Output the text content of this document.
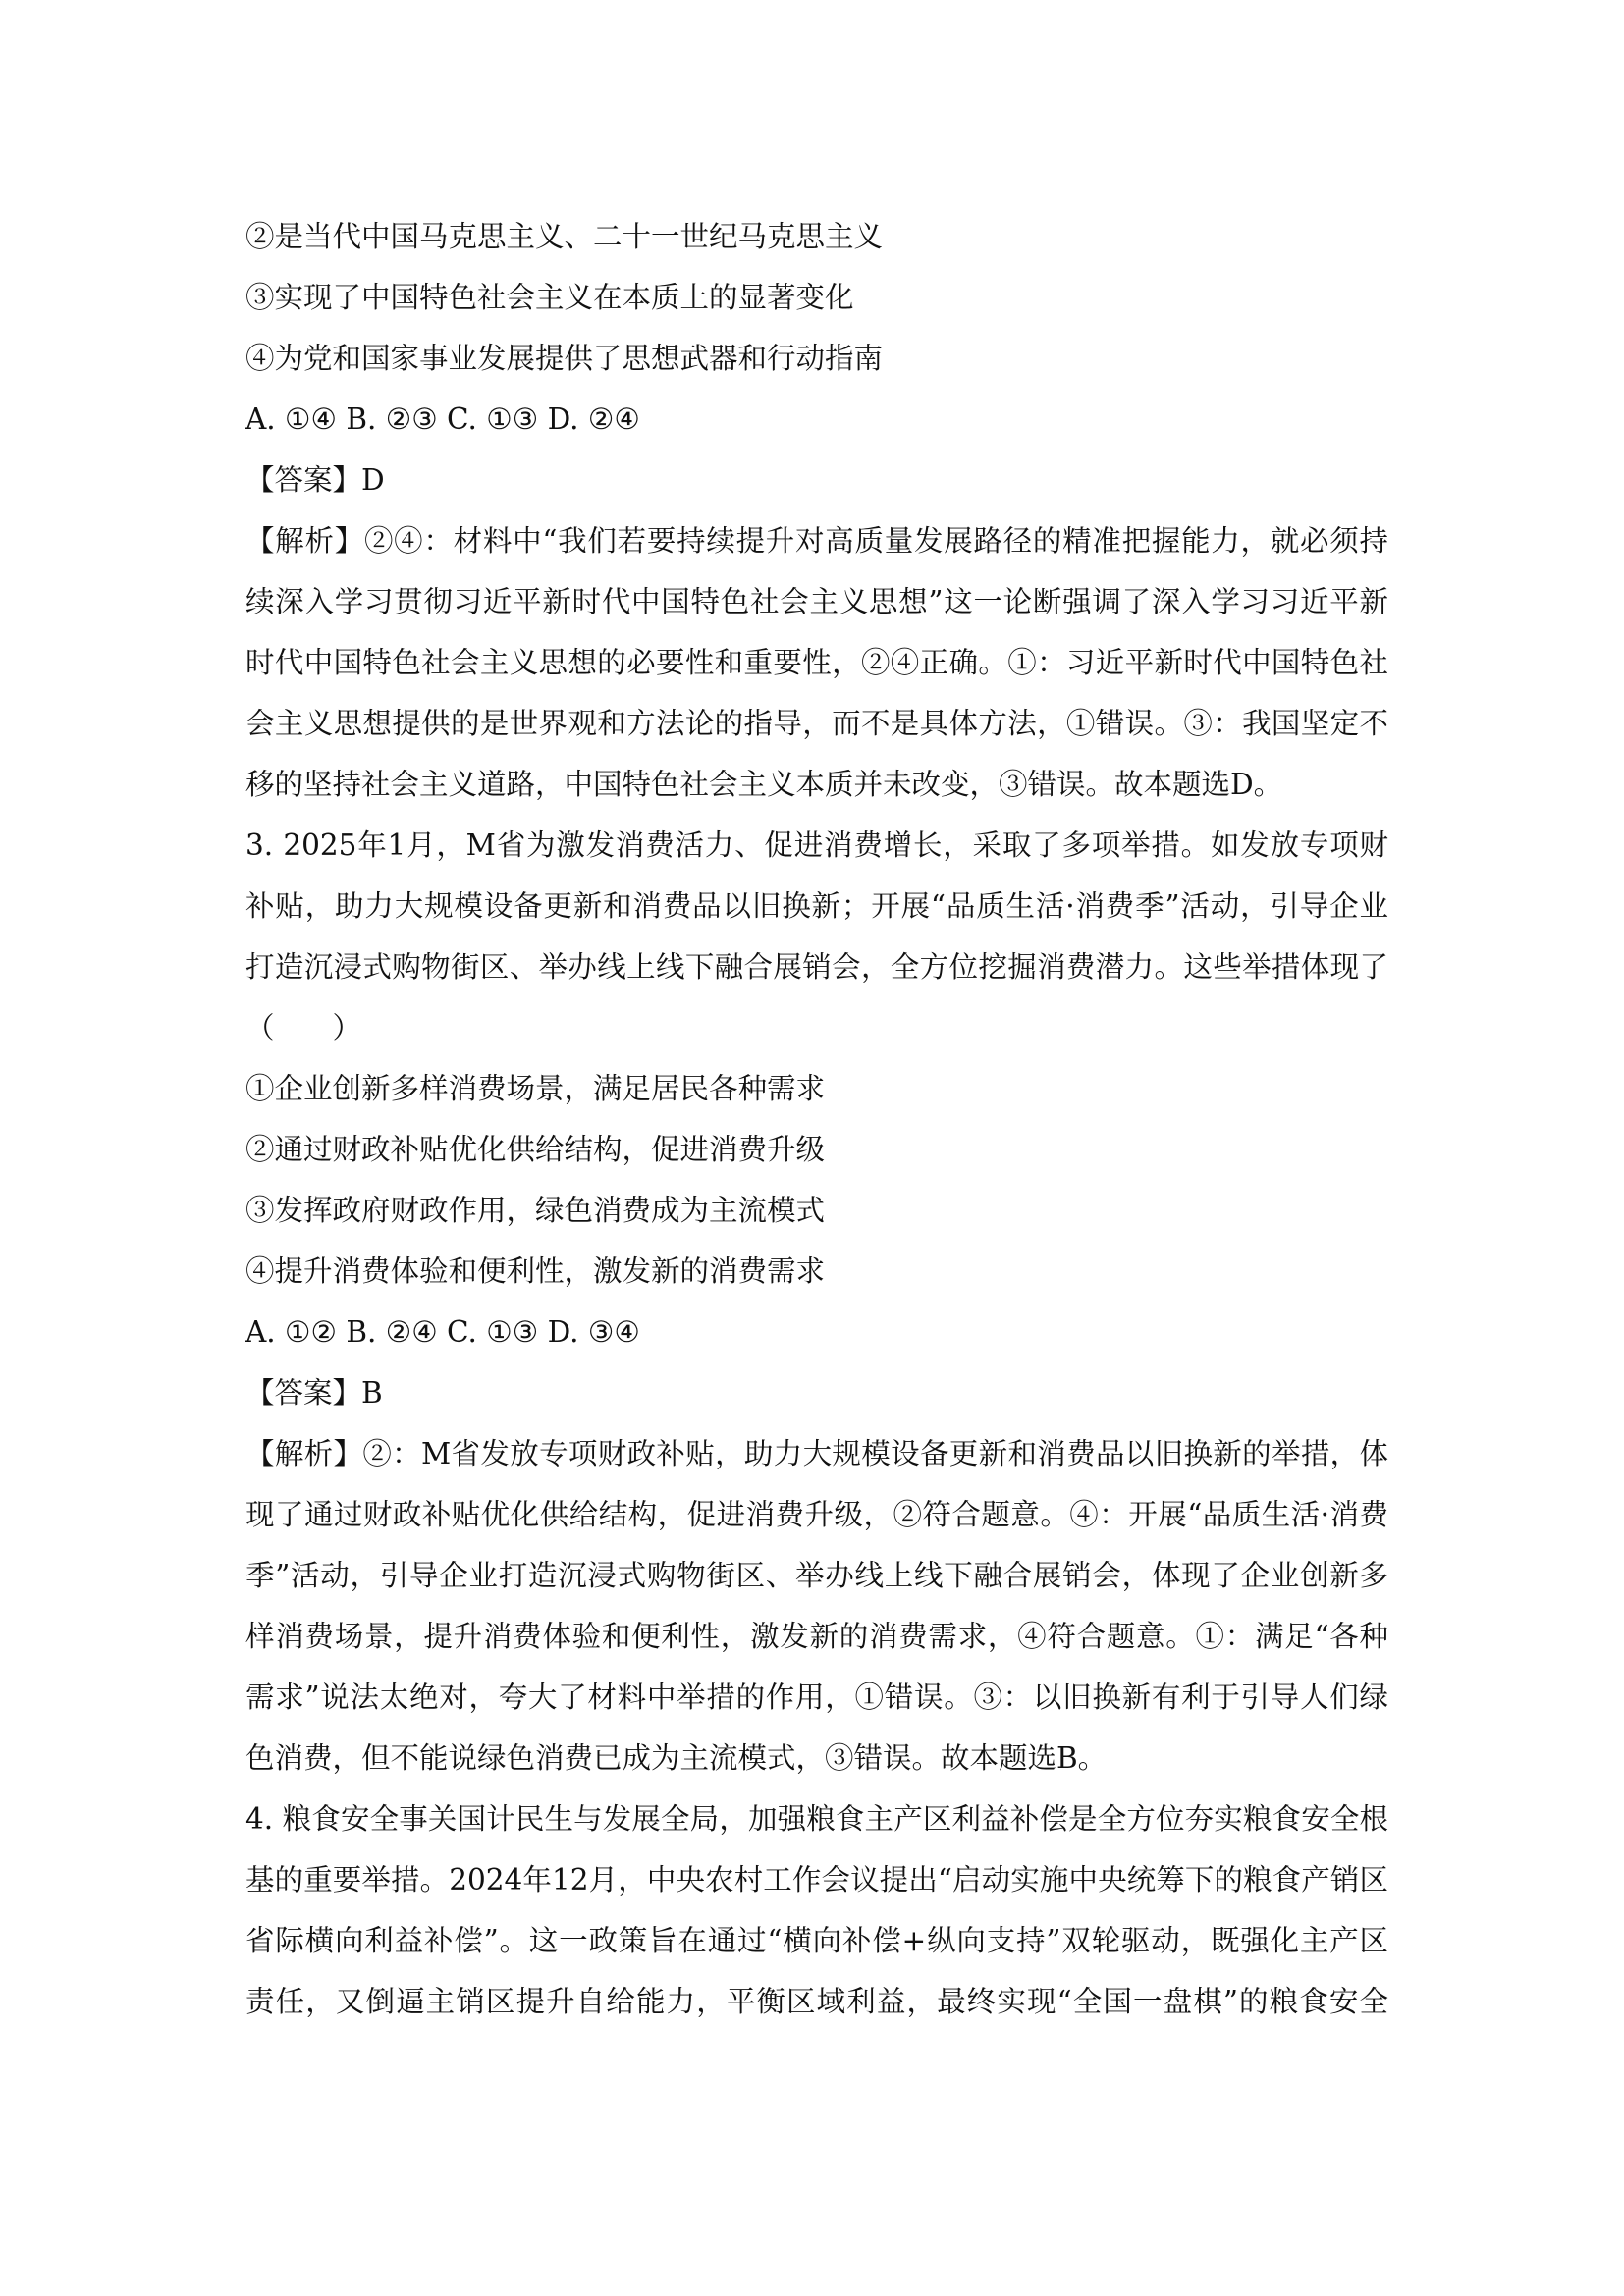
②是当代中国马克思主义、二十一世纪马克思主义
③实现了中国特色社会主义在本质上的显著变化
④为党和国家事业发展提供了思想武器和行动指南
A. ①④ B. ②③ C. ①③ D. ②④
【答案】D
【解析】②④：材料中“我们若要持续提升对高质量发展路径的精准把握能力，就必须持
续深入学习贯彻习近平新时代中国特色社会主义思想”这一论断强调了深入学习习近平新
时代中国特色社会主义思想的必要性和重要性，②④正确。①：习近平新时代中国特色社
会主义思想提供的是世界观和方法论的指导，而不是具体方法，①错误。③：我国坚定不
移的坚持社会主义道路，中国特色社会主义本质并未改变，③错误。故本题选D。
3. 2025年1月，M省为激发消费活力、促进消费增长，采取了多项举措。如发放专项财
补贴，助力大规模设备更新和消费品以旧换新；开展“品质生活·消费季”活动，引导企业
打造沉浸式购物街区、举办线上线下融合展销会，全方位挖掘消费潜力。这些举措体现了
（　　）
①企业创新多样消费场景，满足居民各种需求
②通过财政补贴优化供给结构，促进消费升级
③发挥政府财政作用，绿色消费成为主流模式
④提升消费体验和便利性，激发新的消费需求
A. ①② B. ②④ C. ①③ D. ③④
【答案】B
【解析】②：M省发放专项财政补贴，助力大规模设备更新和消费品以旧换新的举措，体
现了通过财政补贴优化供给结构，促进消费升级，②符合题意。④：开展“品质生活·消费
季”活动，引导企业打造沉浸式购物街区、举办线上线下融合展销会，体现了企业创新多
样消费场景，提升消费体验和便利性，激发新的消费需求，④符合题意。①：满足“各种
需求”说法太绝对，夸大了材料中举措的作用，①错误。③：以旧换新有利于引导人们绿
色消费，但不能说绿色消费已成为主流模式，③错误。故本题选B。
4. 粮食安全事关国计民生与发展全局，加强粮食主产区利益补偿是全方位夯实粮食安全根
基的重要举措。2024年12月，中央农村工作会议提出“启动实施中央统筹下的粮食产销区
省际横向利益补偿”。这一政策旨在通过“横向补偿+纵向支持”双轮驱动，既强化主产区
责任，又倒逼主销区提升自给能力，平衡区域利益，最终实现“全国一盘棋”的粮食安全
